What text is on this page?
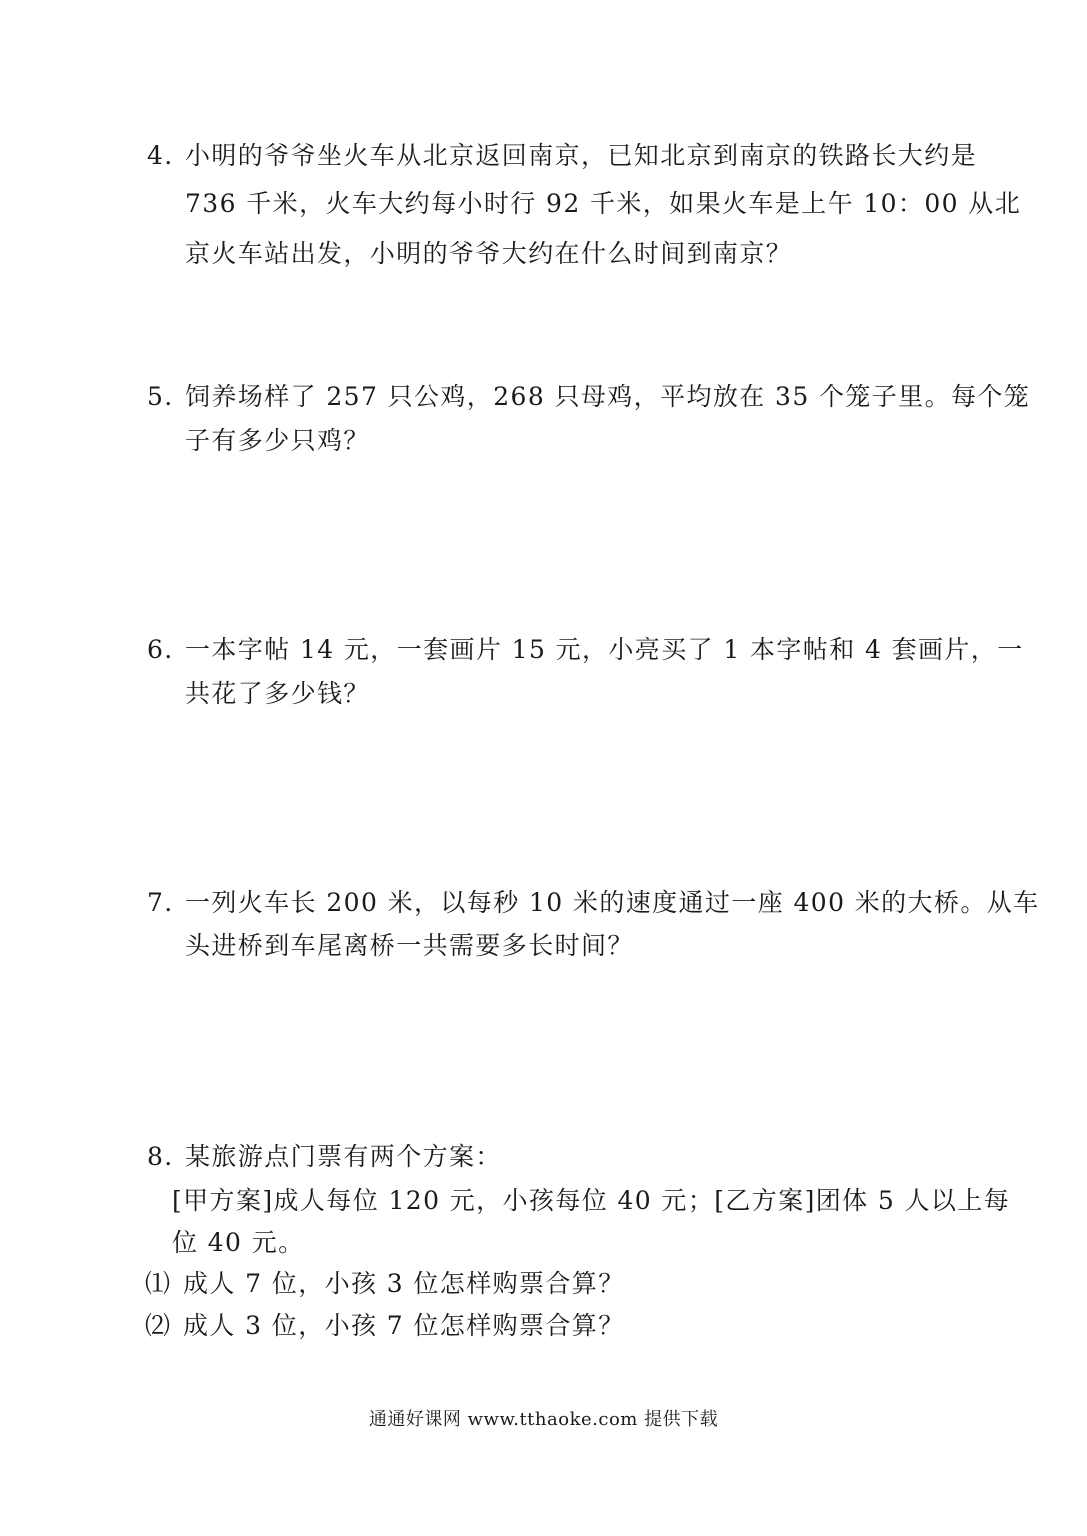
4. 小明的爷爷坐火车从北京返回南京，已知北京到南京的铁路长大约是
736 千米，火车大约每小时行 92 千米，如果火车是上午 10：00 从北
京火车站出发，小明的爷爷大约在什么时间到南京？
5. 饲养场样了 257 只公鸡，268 只母鸡，平均放在 35 个笼子里。每个笼
子有多少只鸡？
6. 一本字帖 14 元，一套画片 15 元，小亮买了 1 本字帖和 4 套画片，一
共花了多少钱？
7. 一列火车长 200 米，以每秒 10 米的速度通过一座 400 米的大桥。从车
头进桥到车尾离桥一共需要多长时间？
8. 某旅游点门票有两个方案：
[甲方案]成人每位 120 元，小孩每位 40 元；[乙方案]团体 5 人以上每
位 40 元。
⑴ 成人 7 位，小孩 3 位怎样购票合算？
⑵ 成人 3 位，小孩 7 位怎样购票合算？
通通好课网 www.tthaoke.com 提供下载
